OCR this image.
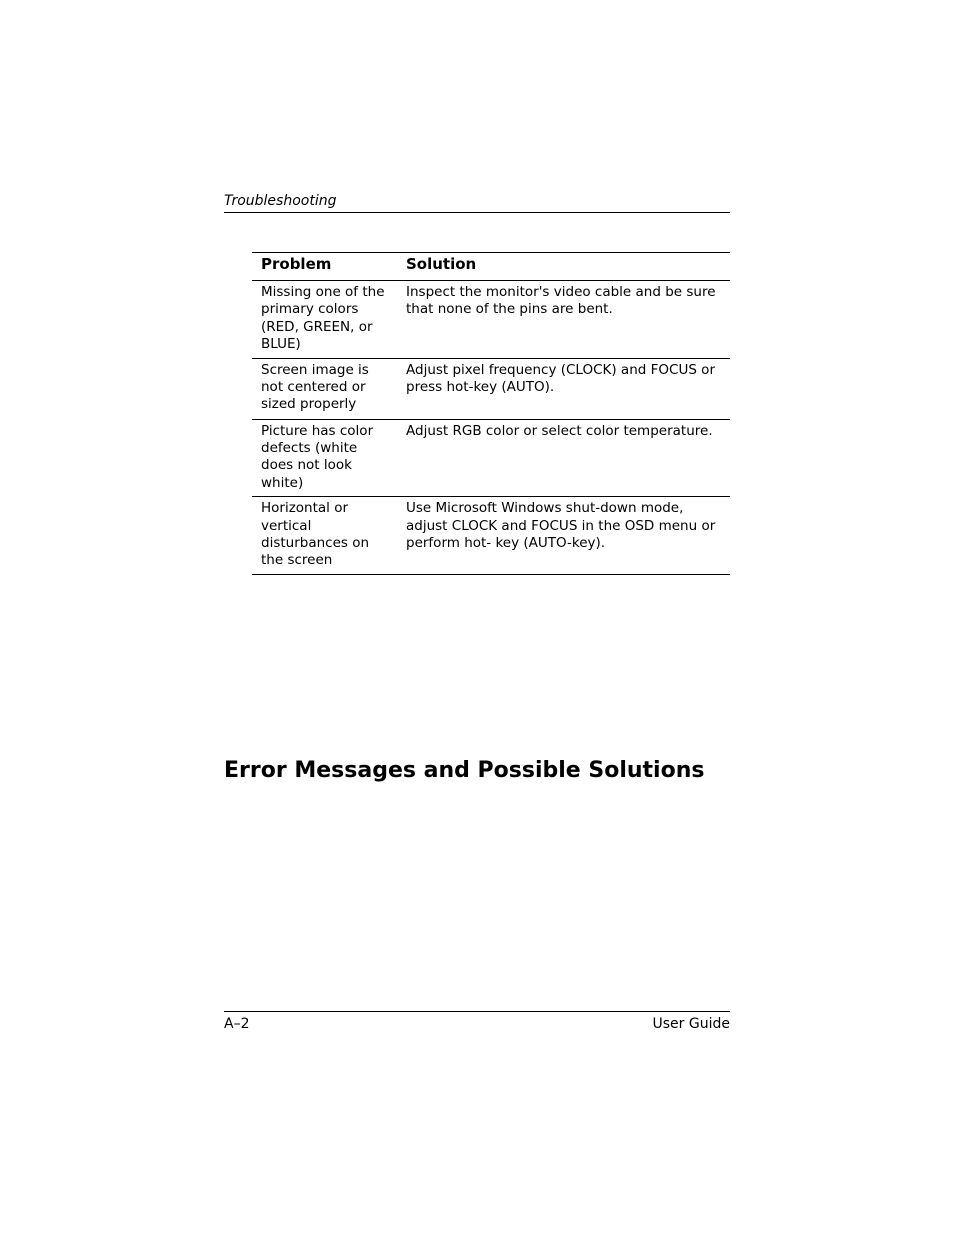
Troubleshooting
Problem	Solution
Missing one of the primary colors (RED, GREEN, or BLUE)	Inspect the monitor's video cable and be sure that none of the pins are bent.
Screen image is not centered or sized properly	Adjust pixel frequency (CLOCK) and FOCUS or press hot-key (AUTO).
Picture has color defects (white does not look white)	Adjust RGB color or select color temperature.
Horizontal or vertical disturbances on the screen	Use Microsoft Windows shut-down mode, adjust CLOCK and FOCUS in the OSD menu or perform hot- key (AUTO-key).
Error Messages and Possible Solutions
A–2	User Guide
